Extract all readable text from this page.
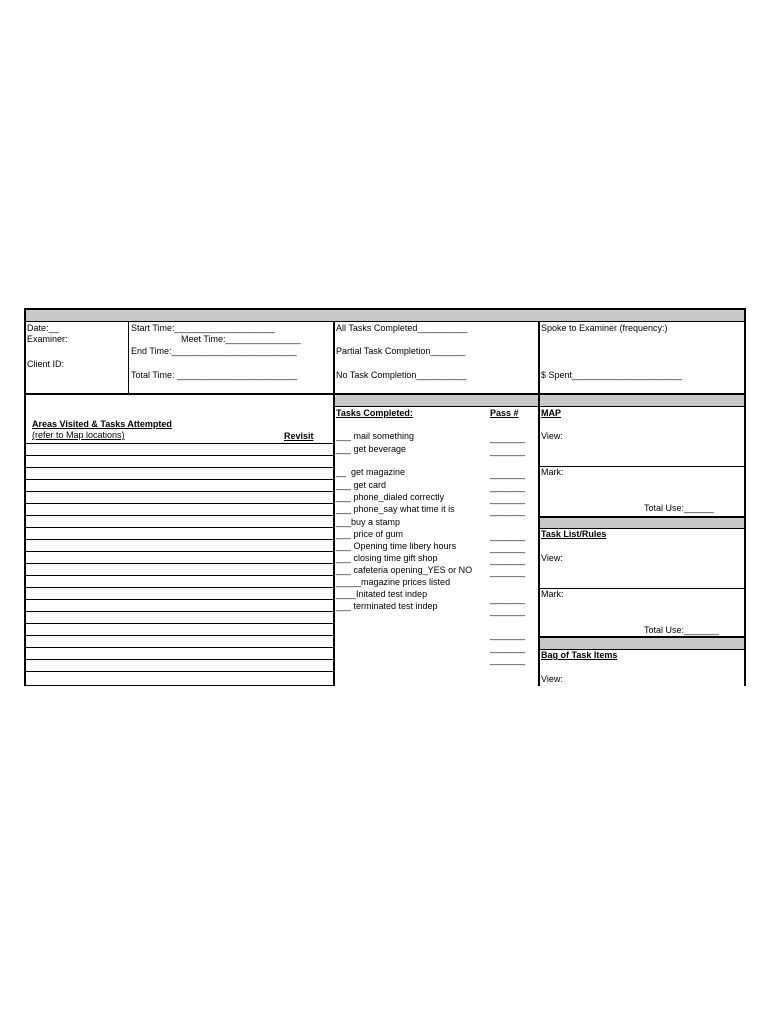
Date:__
Examiner:
Client ID:
Start Time:____________________
Meet Time:_______________
End Time:_________________________
Total Time: ________________________
All Tasks Completed__________
Partial Task Completion_______
No Task Completion__________
Spoke to Examiner (frequency:)
$ Spent______________________

Areas Visited & Tasks Attempted
(refer to Map locations)	Revisit
Tasks Completed:	Pass #
___ mail something
___ get beverage
__  get magazine
___ get card
___ phone_dialed correctly
___ phone_say what time it is
___buy a stamp
___ price of gum
___ Opening time libery hours
___ closing time gift shop
___ cafeteria opening_YES or NO
_____magazine prices listed
____Initated test indep
___ terminated test indep
_______
_______
_______
_______
_______
_______
_______
_______
_______
_______
_______
_______
_______
_______
_______
MAP
View:
Mark:
Total Use:______
Task List/Rules
View:
Mark:
Total Use:_______
Bag of Task Items
View:
